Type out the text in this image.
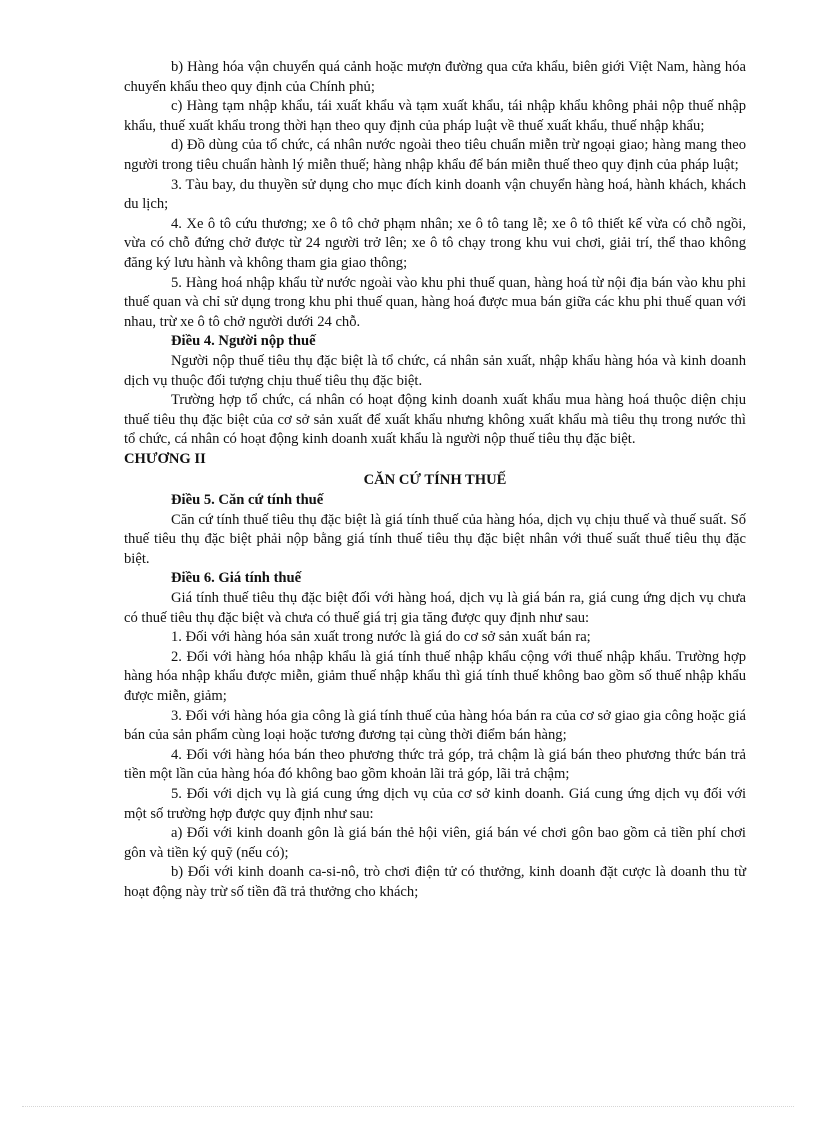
b) Hàng hóa vận chuyển quá cảnh hoặc mượn đường qua cửa khẩu, biên giới Việt Nam, hàng hóa chuyển khẩu theo quy định của Chính phủ;

c) Hàng tạm nhập khẩu, tái xuất khẩu và tạm xuất khẩu, tái nhập khẩu không phải nộp thuế nhập khẩu, thuế xuất khẩu trong thời hạn theo quy định của pháp luật về thuế xuất khẩu, thuế nhập khẩu;

d) Đồ dùng của tổ chức, cá nhân nước ngoài theo tiêu chuẩn miễn trừ ngoại giao; hàng mang theo người trong tiêu chuẩn hành lý miễn thuế; hàng nhập khẩu để bán miễn thuế theo quy định của pháp luật;

3. Tàu bay, du thuyền sử dụng cho mục đích kinh doanh vận chuyển hàng hoá, hành khách, khách du lịch;

4. Xe ô tô cứu thương; xe ô tô chở phạm nhân; xe ô tô tang lễ; xe ô tô thiết kế vừa có chỗ ngồi, vừa có chỗ đứng chở được từ 24 người trở lên; xe ô tô chạy trong khu vui chơi, giải trí, thể thao không đăng ký lưu hành và không tham gia giao thông;

5. Hàng hoá nhập khẩu từ nước ngoài vào khu phi thuế quan, hàng hoá từ nội địa bán vào khu phi thuế quan và chỉ sử dụng trong khu phi thuế quan, hàng hoá được mua bán giữa các khu phi thuế quan với nhau, trừ xe ô tô chở người dưới 24 chỗ.

Điều 4. Người nộp thuế

Người nộp thuế tiêu thụ đặc biệt là tổ chức, cá nhân sản xuất, nhập khẩu hàng hóa và kinh doanh dịch vụ thuộc đối tượng chịu thuế tiêu thụ đặc biệt.

Trường hợp tổ chức, cá nhân có hoạt động kinh doanh xuất khẩu mua hàng hoá thuộc diện chịu thuế tiêu thụ đặc biệt của cơ sở sản xuất để xuất khẩu nhưng không xuất khẩu mà tiêu thụ trong nước thì tổ chức, cá nhân có hoạt động kinh doanh xuất khẩu là người nộp thuế tiêu thụ đặc biệt.

CHƯƠNG II

CĂN CỨ TÍNH THUẾ

Điều 5. Căn cứ tính thuế

Căn cứ tính thuế tiêu thụ đặc biệt là giá tính thuế của hàng hóa, dịch vụ chịu thuế và thuế suất. Số thuế tiêu thụ đặc biệt phải nộp bằng giá tính thuế tiêu thụ đặc biệt nhân với thuế suất thuế tiêu thụ đặc biệt.

Điều 6. Giá tính thuế

Giá tính thuế tiêu thụ đặc biệt đối với hàng hoá, dịch vụ là giá bán ra, giá cung ứng dịch vụ chưa có thuế tiêu thụ đặc biệt và chưa có thuế giá trị gia tăng được quy định như sau:

1. Đối với hàng hóa sản xuất trong nước là giá do cơ sở sản xuất bán ra;

2. Đối với hàng hóa nhập khẩu là giá tính thuế nhập khẩu cộng với thuế nhập khẩu. Trường hợp hàng hóa nhập khẩu được miễn, giảm thuế nhập khẩu thì giá tính thuế không bao gồm số thuế nhập khẩu được miễn, giảm;

3. Đối với hàng hóa gia công là giá tính thuế của hàng hóa bán ra của cơ sở giao gia công hoặc giá bán của sản phẩm cùng loại hoặc tương đương tại cùng thời điểm bán hàng;

4. Đối với hàng hóa bán theo phương thức trả góp, trả chậm là giá bán theo phương thức bán trả tiền một lần của hàng hóa đó không bao gồm khoản lãi trả góp, lãi trả chậm;

5. Đối với dịch vụ là giá cung ứng dịch vụ của cơ sở kinh doanh. Giá cung ứng dịch vụ đối với một số trường hợp được quy định như sau:

a) Đối với kinh doanh gôn là giá bán thẻ hội viên, giá bán vé chơi gôn bao gồm cả tiền phí chơi gôn và tiền ký quỹ (nếu có);

b) Đối với kinh doanh ca-si-nô, trò chơi điện tử có thưởng, kinh doanh đặt cược là doanh thu từ hoạt động này trừ số tiền đã trả thưởng cho khách;
